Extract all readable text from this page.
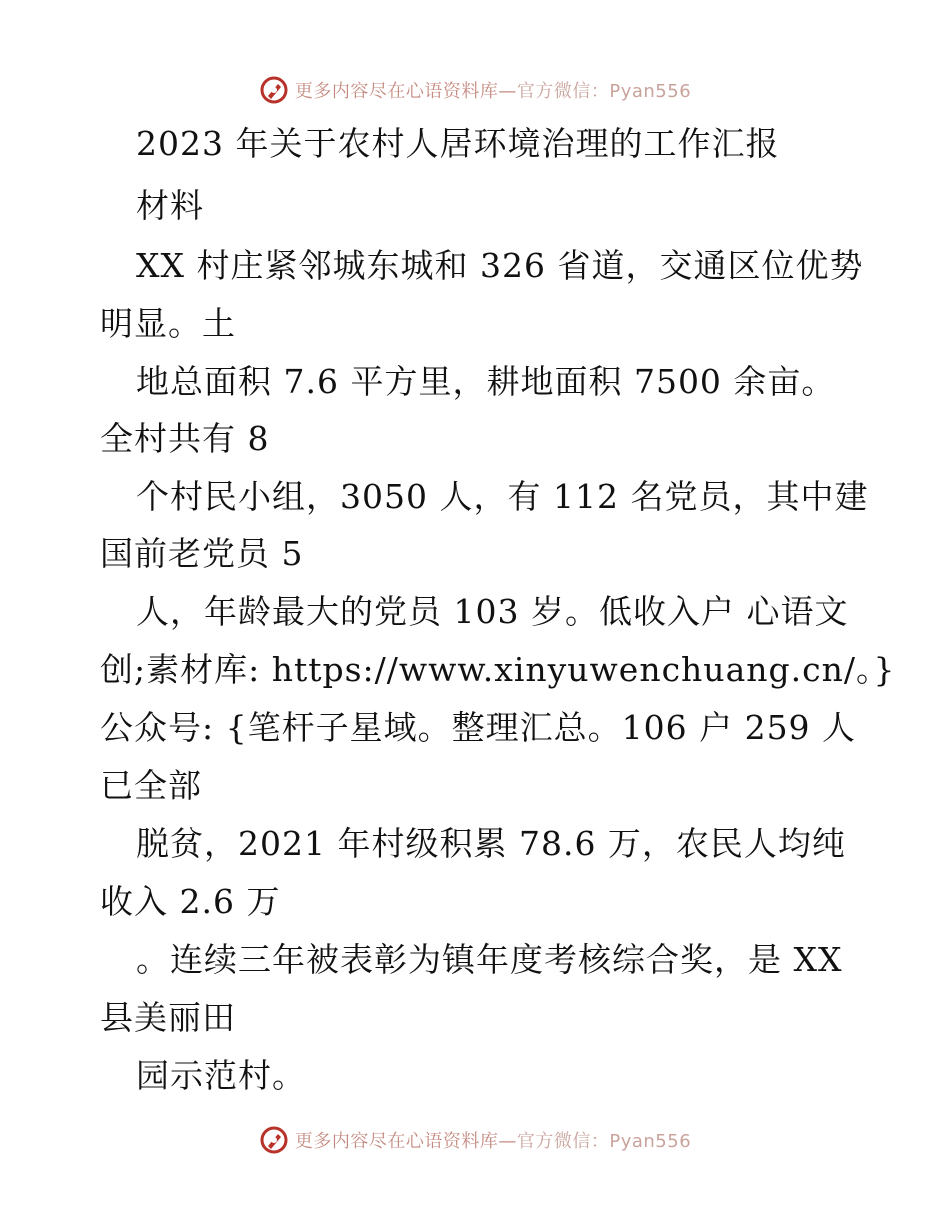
更多内容尽在心语资料库—官方微信：Pyan556
2023 年关于农村人居环境治理的工作汇报
材料
XX 村庄紧邻城东城和 326 省道，交通区位优势
明显。土
地总面积 7.6 平方里，耕地面积 7500 余亩。
全村共有 8
个村民小组，3050 人，有 112 名党员，其中建
国前老党员 5
人，年龄最大的党员 103 岁。低收入户 心语文
创;素材库: https://www.xinyuwenchuang.cn/。}
公众号: {笔杆子星域。整理汇总。106 户 259 人
已全部
脱贫，2021 年村级积累 78.6 万，农民人均纯
收入 2.6 万
。连续三年被表彰为镇年度考核综合奖，是 XX
县美丽田
园示范村。
更多内容尽在心语资料库—官方微信：Pyan556
